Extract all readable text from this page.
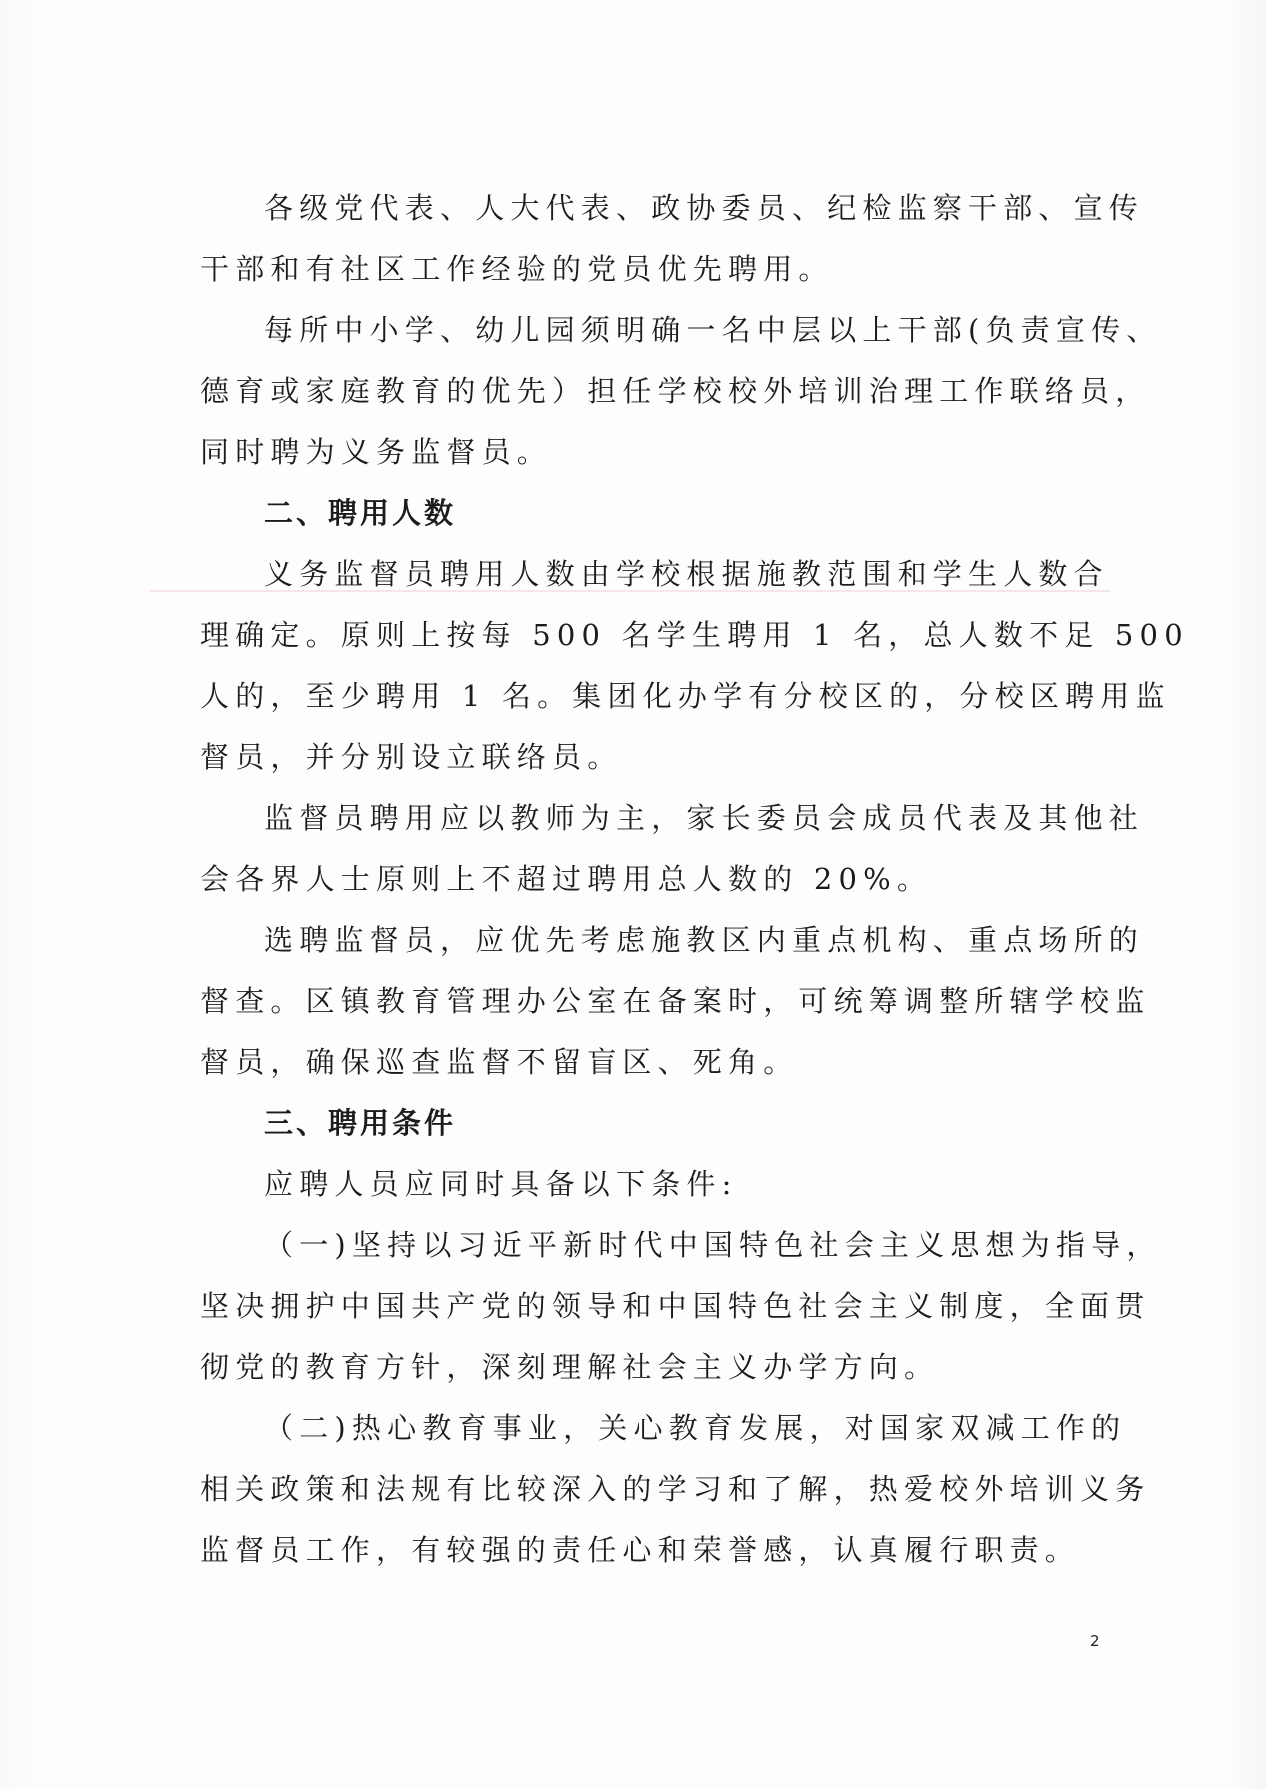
各级党代表、人大代表、政协委员、纪检监察干部、宣传
干部和有社区工作经验的党员优先聘用。
每所中小学、幼儿园须明确一名中层以上干部(负责宣传、
德育或家庭教育的优先）担任学校校外培训治理工作联络员，
同时聘为义务监督员。
二、聘用人数
义务监督员聘用人数由学校根据施教范围和学生人数合
理确定。原则上按每 500 名学生聘用 1 名，总人数不足 500
人的，至少聘用 1 名。集团化办学有分校区的，分校区聘用监
督员，并分别设立联络员。
监督员聘用应以教师为主，家长委员会成员代表及其他社
会各界人士原则上不超过聘用总人数的 20%。
选聘监督员，应优先考虑施教区内重点机构、重点场所的
督查。区镇教育管理办公室在备案时，可统筹调整所辖学校监
督员，确保巡查监督不留盲区、死角。
三、聘用条件
应聘人员应同时具备以下条件:
（一)坚持以习近平新时代中国特色社会主义思想为指导，
坚决拥护中国共产党的领导和中国特色社会主义制度，全面贯
彻党的教育方针，深刻理解社会主义办学方向。
（二)热心教育事业，关心教育发展，对国家双减工作的
相关政策和法规有比较深入的学习和了解，热爱校外培训义务
监督员工作，有较强的责任心和荣誉感，认真履行职责。
2
